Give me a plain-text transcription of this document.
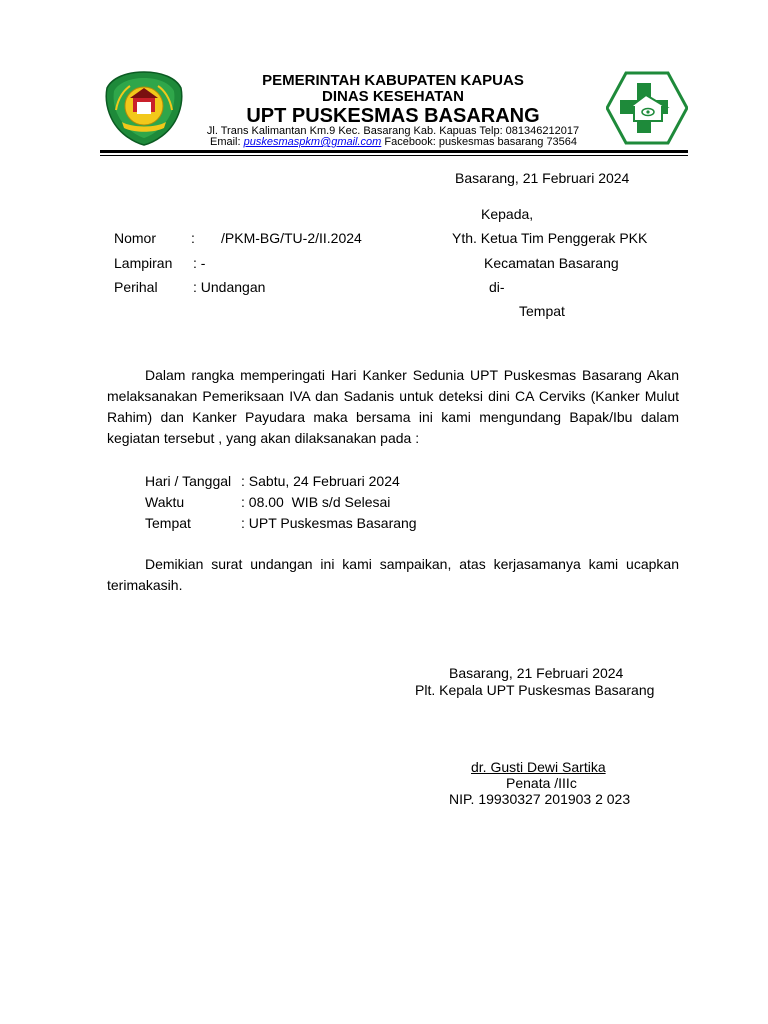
PEMERINTAH KABUPATEN KAPUAS
DINAS KESEHATAN
UPT PUSKESMAS BASARANG
Jl. Trans Kalimantan Km.9 Kec. Basarang Kab. Kapuas Telp: 081346212017
Email: puskesmaspkm@gmail.com Facebook: puskesmas basarang 73564
Basarang, 21 Februari 2024
Kepada,
Yth. Ketua Tim Penggerak PKK
Kecamatan Basarang
di-
Tempat
Nomor : /PKM-BG/TU-2/II.2024
Lampiran : -
Perihal	: Undangan
Dalam rangka memperingati Hari Kanker Sedunia UPT Puskesmas Basarang Akan melaksanakan Pemeriksaan IVA dan Sadanis untuk deteksi dini CA Cerviks (Kanker Mulut Rahim) dan Kanker Payudara maka bersama ini kami mengundang Bapak/Ibu dalam kegiatan tersebut , yang akan dilaksanakan pada :
Hari / Tanggal : Sabtu, 24 Februari 2024
Waktu	: 08.00  WIB s/d Selesai
Tempat	: UPT Puskesmas Basarang
Demikian surat undangan ini kami sampaikan, atas kerjasamanya kami ucapkan terimakasih.
Basarang, 21 Februari 2024
Plt. Kepala UPT Puskesmas Basarang
dr. Gusti Dewi Sartika
Penata /IIIc
NIP. 19930327 201903 2 023
